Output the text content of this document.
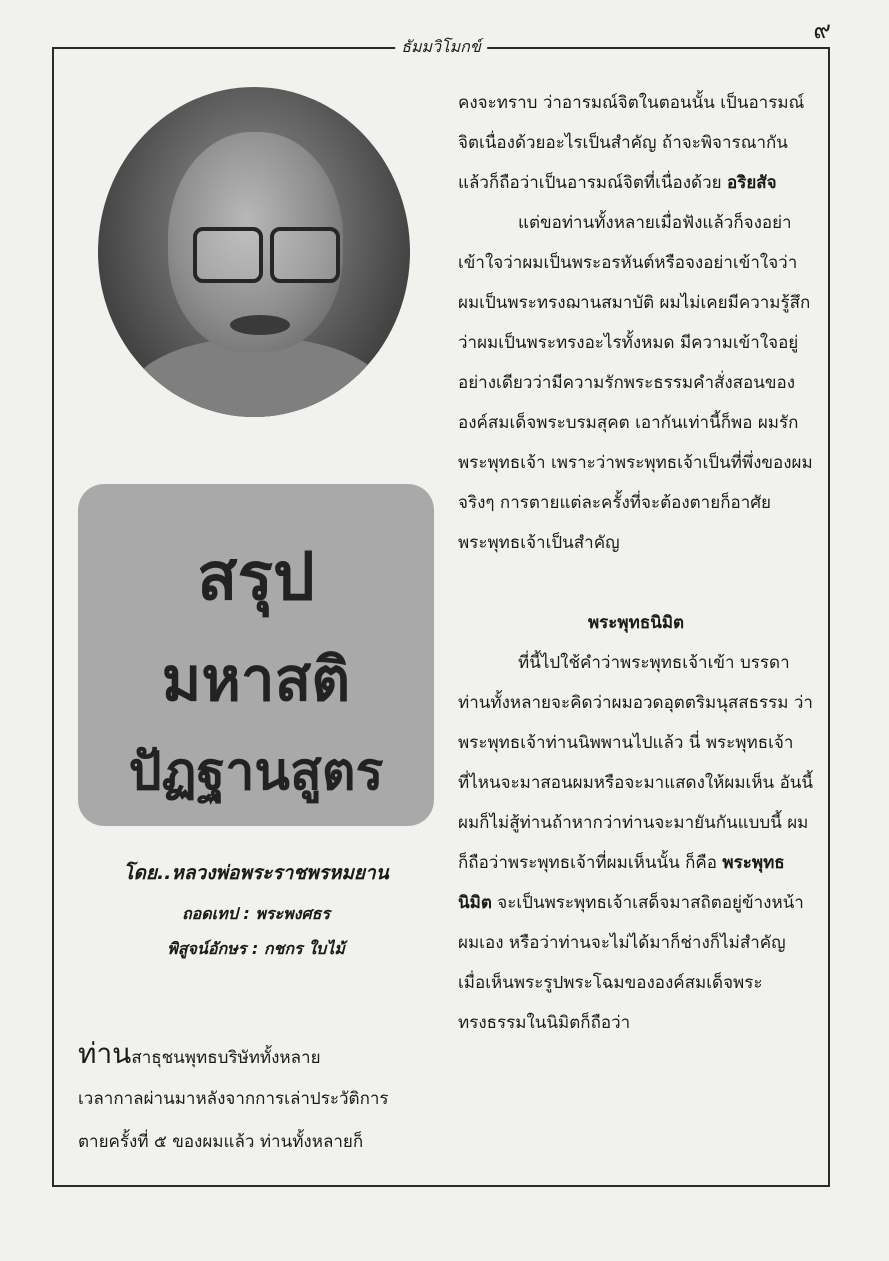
๙
ธัมมวิโมกข์
สรุป
มหาสติ
ปัฏฐานสูตร
โดย..หลวงพ่อพระราชพรหมยาน
ถอดเทป : พระพงศธร
พิสูจน์อักษร : กชกร ใบไม้
ท่านสาธุชนพุทธบริษัททั้งหลาย
เวลากาลผ่านมาหลังจากการเล่าประวัติการ
ตายครั้งที่ ๕ ของผมแล้ว ท่านทั้งหลายก็

คงจะทราบ ว่าอารมณ์จิตในตอนนั้น เป็นอารมณ์จิตเนื่องด้วยอะไรเป็นสำคัญ ถ้าจะพิจารณากันแล้วก็ถือว่าเป็นอารมณ์จิตที่เนื่องด้วย อริยสัจ

แต่ขอท่านทั้งหลายเมื่อฟังแล้วก็จงอย่าเข้าใจว่าผมเป็นพระอรหันต์หรือจงอย่าเข้าใจว่าผมเป็นพระทรงฌานสมาบัติ ผมไม่เคยมีความรู้สึกว่าผมเป็นพระทรงอะไรทั้งหมด มีความเข้าใจอยู่อย่างเดียวว่ามีความรักพระธรรมคำสั่งสอนขององค์สมเด็จพระบรมสุคต เอากันเท่านี้ก็พอ ผมรักพระพุทธเจ้า เพราะว่าพระพุทธเจ้าเป็นที่พึ่งของผมจริงๆ การตายแต่ละครั้งที่จะต้องตายก็อาศัยพระพุทธเจ้าเป็นสำคัญ

พระพุทธนิมิต

ที่นี้ไปใช้คำว่าพระพุทธเจ้าเข้า บรรดาท่านทั้งหลายจะคิดว่าผมอวดอุตตริมนุสสธรรม ว่าพระพุทธเจ้าท่านนิพพานไปแล้ว นี่ พระพุทธเจ้าที่ไหนจะมาสอนผมหรือจะมาแสดงให้ผมเห็น อันนี้ผมก็ไม่สู้ท่านถ้าหากว่าท่านจะมายันกันแบบนี้ ผมก็ถือว่าพระพุทธเจ้าที่ผมเห็นนั้น ก็คือ พระพุทธนิมิต จะเป็นพระพุทธเจ้าเสด็จมาสถิตอยู่ข้างหน้าผมเอง หรือว่าท่านจะไม่ได้มาก็ช่างก็ไม่สำคัญ เมื่อเห็นพระรูปพระโฉมขององค์สมเด็จพระทรงธรรมในนิมิตก็ถือว่า
